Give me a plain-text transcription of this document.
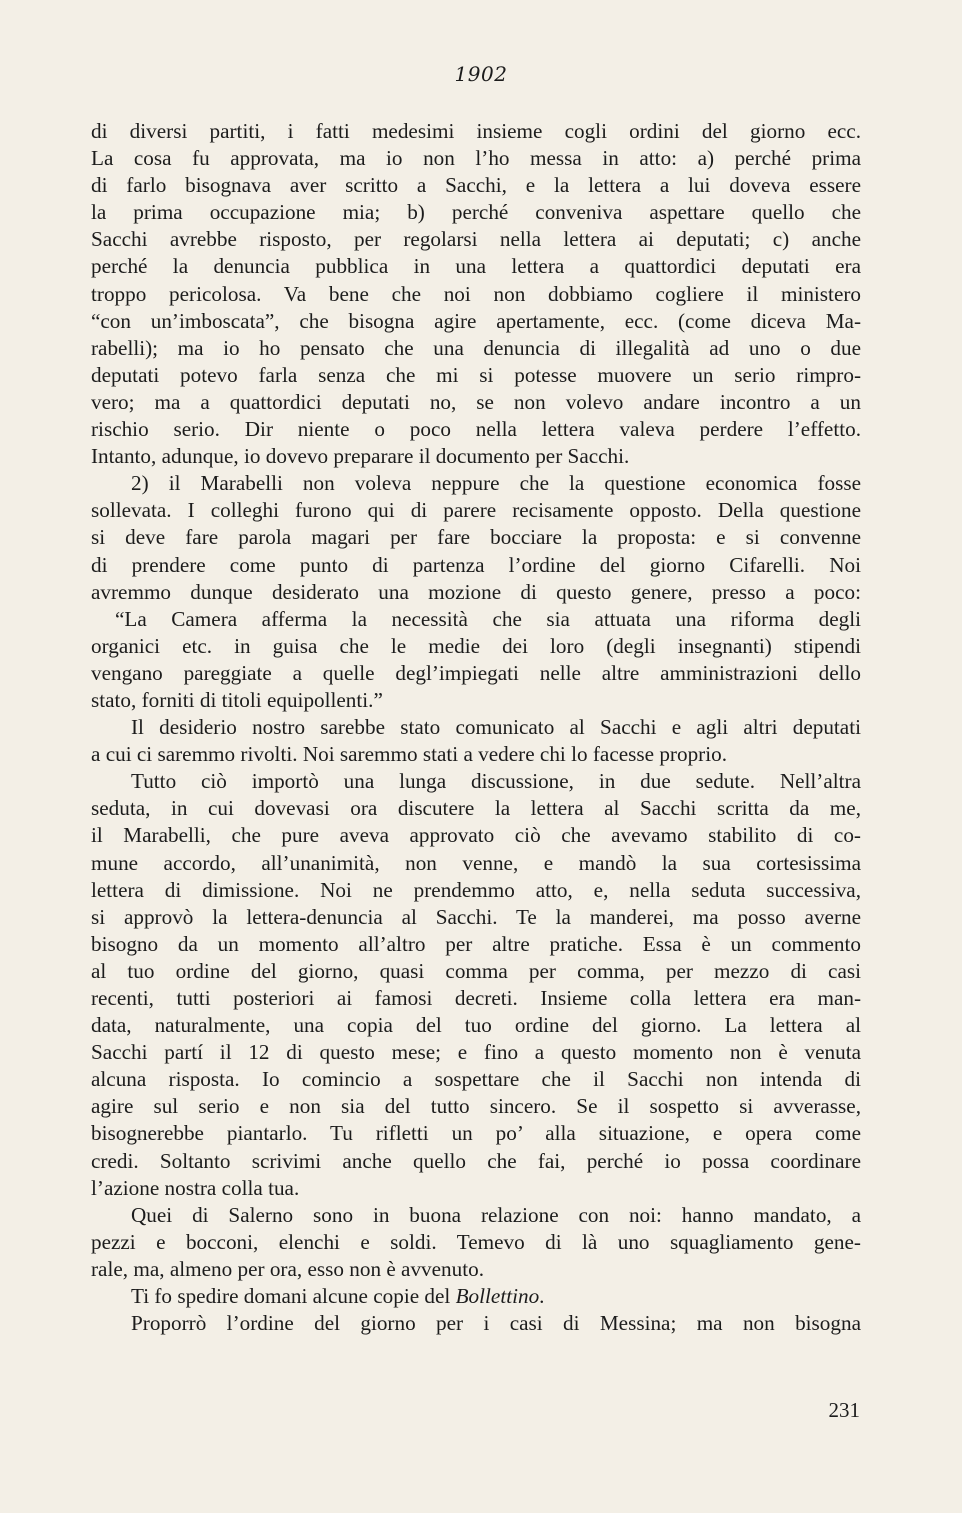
1902
di diversi partiti, i fatti medesimi insieme cogli ordini del giorno ecc.
La cosa fu approvata, ma io non l’ho messa in atto: a) perché prima
di farlo bisognava aver scritto a Sacchi, e la lettera a lui doveva essere
la prima occupazione mia; b) perché conveniva aspettare quello che
Sacchi avrebbe risposto, per regolarsi nella lettera ai deputati; c) anche
perché la denuncia pubblica in una lettera a quattordici deputati era
troppo pericolosa. Va bene che noi non dobbiamo cogliere il ministero
“con un’imboscata”, che bisogna agire apertamente, ecc. (come diceva Ma-
rabelli); ma io ho pensato che una denuncia di illegalità ad uno o due
deputati potevo farla senza che mi si potesse muovere un serio rimpro-
vero; ma a quattordici deputati no, se non volevo andare incontro a un
rischio serio. Dir niente o poco nella lettera valeva perdere l’effetto.
Intanto, adunque, io dovevo preparare il documento per Sacchi.
2) il Marabelli non voleva neppure che la questione economica fosse
sollevata. I colleghi furono qui di parere recisamente opposto. Della questione
si deve fare parola magari per fare bocciare la proposta: e si convenne
di prendere come punto di partenza l’ordine del giorno Cifarelli. Noi
avremmo dunque desiderato una mozione di questo genere, presso a poco:
“La Camera afferma la necessità che sia attuata una riforma degli
organici etc. in guisa che le medie dei loro (degli insegnanti) stipendi
vengano pareggiate a quelle degl’impiegati nelle altre amministrazioni dello
stato, forniti di titoli equipollenti.”
Il desiderio nostro sarebbe stato comunicato al Sacchi e agli altri deputati
a cui ci saremmo rivolti. Noi saremmo stati a vedere chi lo facesse proprio.
Tutto ciò importò una lunga discussione, in due sedute. Nell’altra
seduta, in cui dovevasi ora discutere la lettera al Sacchi scritta da me,
il Marabelli, che pure aveva approvato ciò che avevamo stabilito di co-
mune accordo, all’unanimità, non venne, e mandò la sua cortesissima
lettera di dimissione. Noi ne prendemmo atto, e, nella seduta successiva,
si approvò la lettera-denuncia al Sacchi. Te la manderei, ma posso averne
bisogno da un momento all’altro per altre pratiche. Essa è un commento
al tuo ordine del giorno, quasi comma per comma, per mezzo di casi
recenti, tutti posteriori ai famosi decreti. Insieme colla lettera era man-
data, naturalmente, una copia del tuo ordine del giorno. La lettera al
Sacchi partí il 12 di questo mese; e fino a questo momento non è venuta
alcuna risposta. Io comincio a sospettare che il Sacchi non intenda di
agire sul serio e non sia del tutto sincero. Se il sospetto si avverasse,
bisognerebbe piantarlo. Tu rifletti un po’ alla situazione, e opera come
credi. Soltanto scrivimi anche quello che fai, perché io possa coordinare
l’azione nostra colla tua.
Quei di Salerno sono in buona relazione con noi: hanno mandato, a
pezzi e bocconi, elenchi e soldi. Temevo di là uno squagliamento gene-
rale, ma, almeno per ora, esso non è avvenuto.
Ti fo spedire domani alcune copie del Bollettino.
Proporrò l’ordine del giorno per i casi di Messina; ma non bisogna
231
